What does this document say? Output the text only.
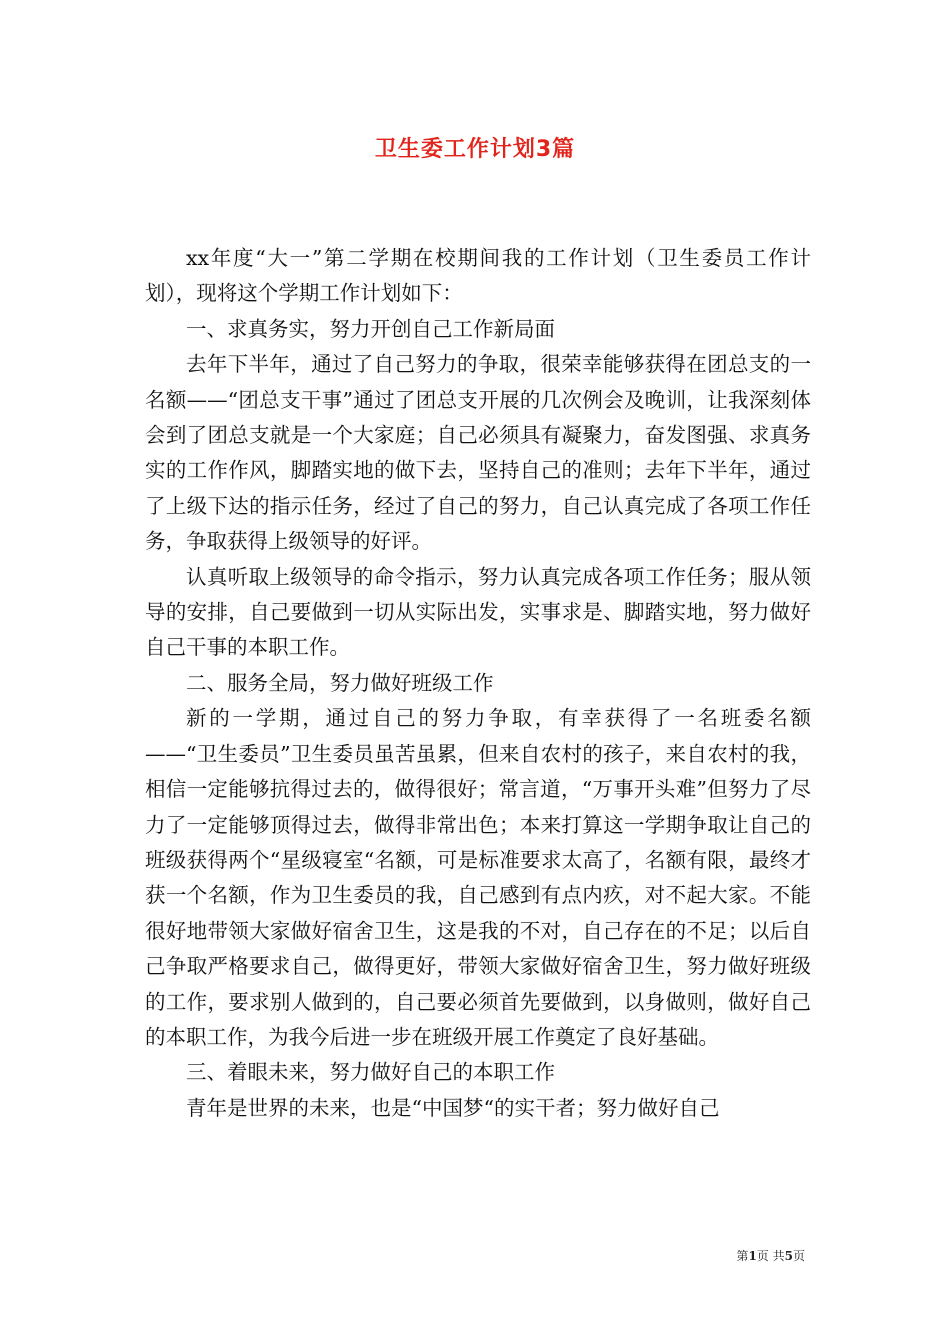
卫生委工作计划3篇

xx年度“大一”第二学期在校期间我的工作计划（卫生委员工作计划），现将这个学期工作计划如下：

一、求真务实，努力开创自己工作新局面

去年下半年，通过了自己努力的争取，很荣幸能够获得在团总支的一名额——“团总支干事”通过了团总支开展的几次例会及晚训，让我深刻体会到了团总支就是一个大家庭；自己必须具有凝聚力，奋发图强、求真务实的工作作风，脚踏实地的做下去，坚持自己的准则；去年下半年，通过了上级下达的指示任务，经过了自己的努力，自己认真完成了各项工作任务，争取获得上级领导的好评。

认真听取上级领导的命令指示，努力认真完成各项工作任务；服从领导的安排，自己要做到一切从实际出发，实事求是、脚踏实地，努力做好自己干事的本职工作。

二、服务全局，努力做好班级工作

新的一学期，通过自己的努力争取，有幸获得了一名班委名额——“卫生委员”卫生委员虽苦虽累，但来自农村的孩子，来自农村的我，相信一定能够抗得过去的，做得很好；常言道，“万事开头难”但努力了尽力了一定能够顶得过去，做得非常出色；本来打算这一学期争取让自己的班级获得两个“星级寝室“名额，可是标准要求太高了，名额有限，最终才获一个名额，作为卫生委员的我，自己感到有点内疚，对不起大家。不能很好地带领大家做好宿舍卫生，这是我的不对，自己存在的不足；以后自己争取严格要求自己，做得更好，带领大家做好宿舍卫生，努力做好班级的工作，要求别人做到的，自己要必须首先要做到，以身做则，做好自己的本职工作，为我今后进一步在班级开展工作奠定了良好基础。

三、着眼未来，努力做好自己的本职工作

青年是世界的未来，也是“中国梦“的实干者；努力做好自己

第1页 共5页
